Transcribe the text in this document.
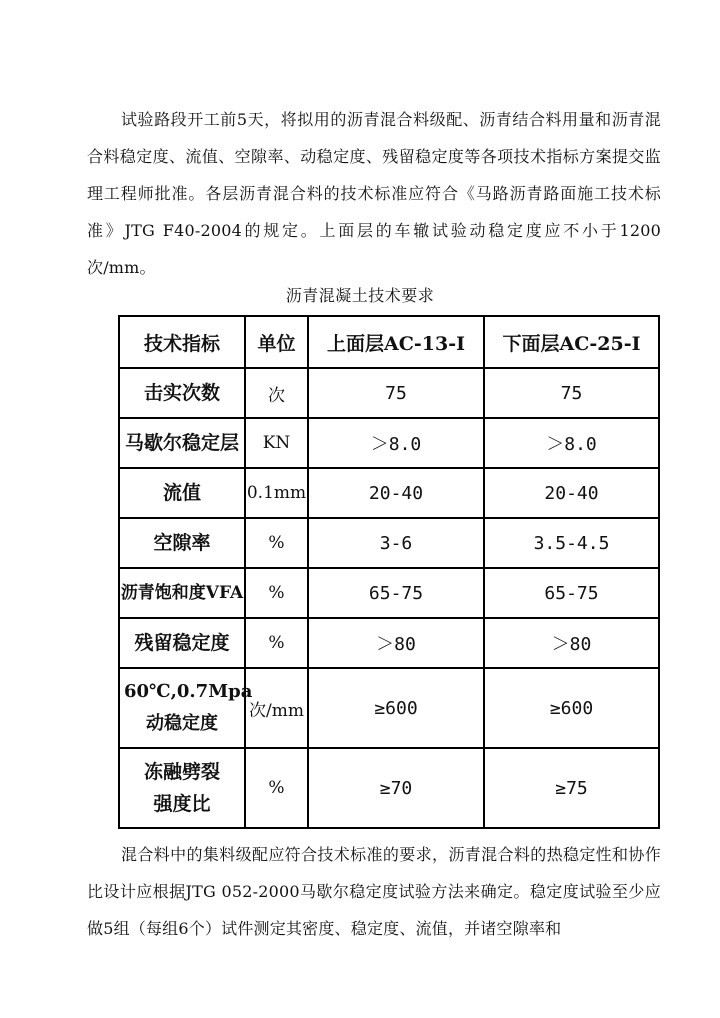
试验路段开工前5天，将拟用的沥青混合料级配、沥青结合料用量和沥青混合料稳定度、流值、空隙率、动稳定度、残留稳定度等各项技术指标方案提交监理工程师批准。各层沥青混合料的技术标准应符合《马路沥青路面施工技术标准》JTG F40-2004的规定。上面层的车辙试验动稳定度应不小于1200次/mm。

沥青混凝土技术要求
技术指标	单位	上面层AC-13-Ⅰ	下面层AC-25-Ⅰ
击实次数	次	75	75
马歇尔稳定层	KN	＞8.0	＞8.0
流值	0.1mm	20-40	20-40
空隙率	%	3-6	3.5-4.5
沥青饱和度VFA	%	65-75	65-75
残留稳定度	%	＞80	＞80
60℃,0.7Mpa动稳定度	次/mm	≥600	≥600
冻融劈裂强度比	%	≥70	≥75

混合料中的集料级配应符合技术标准的要求，沥青混合料的热稳定性和协作比设计应根据JTG 052-2000马歇尔稳定度试验方法来确定。稳定度试验至少应做5组（每组6个）试件测定其密度、稳定度、流值，并诸空隙率和
